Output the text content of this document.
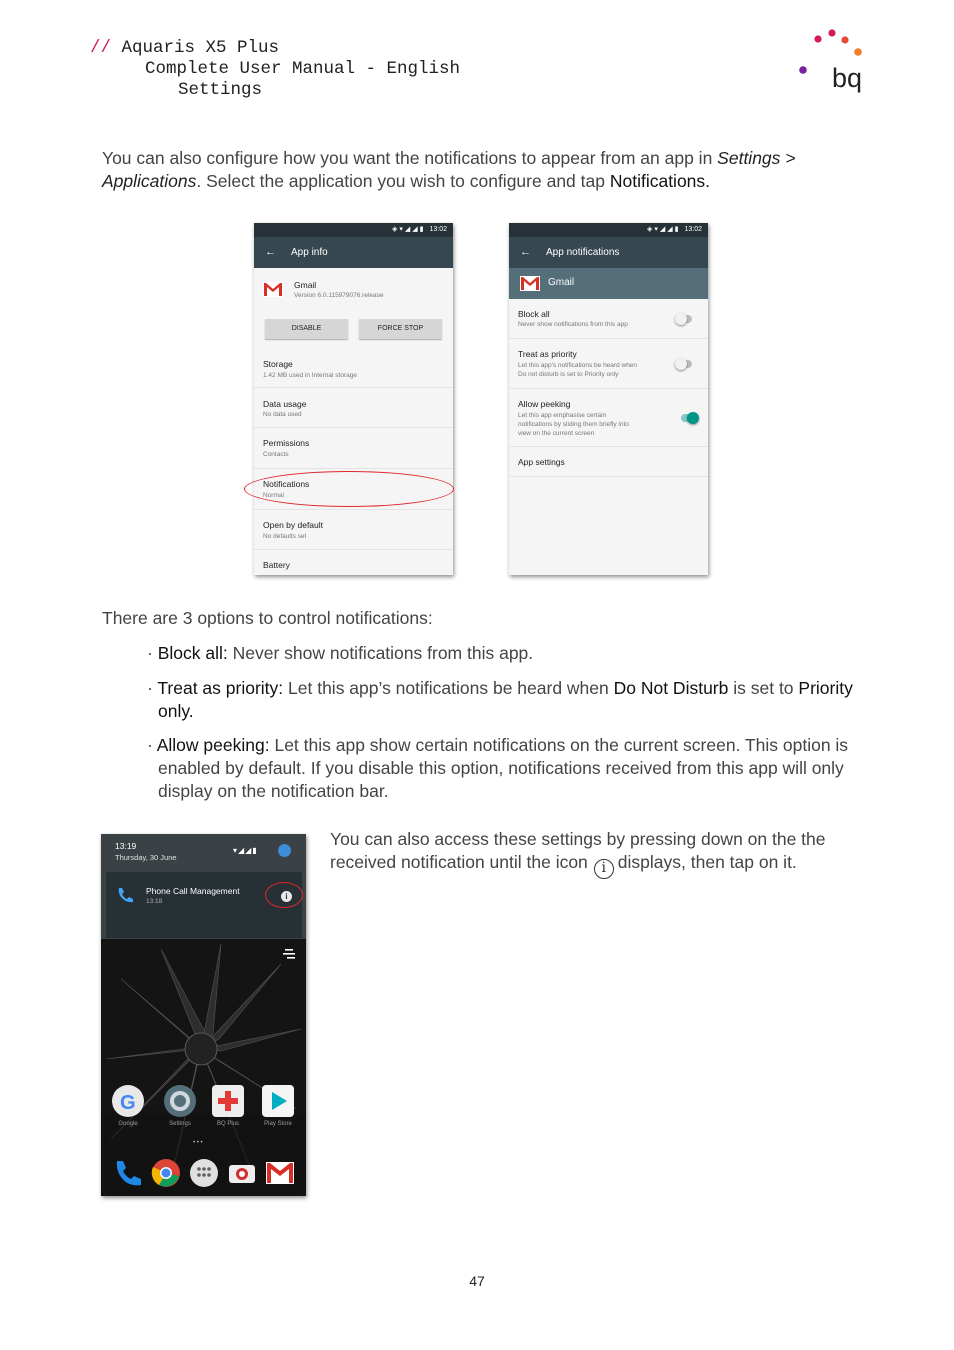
// Aquaris X5 Plus
Complete User Manual - English
Settings	bq
You can also configure how you want the notifications to appear from an app in Settings > Applications. Select the application you wish to configure and tap Notifications.
◈▾◢◢▮ 13:02
← App info
Gmail
Version 6.0.115979076.release
DISABLE	FORCE STOP
Storage
1.42 MB used in Internal storage
Data usage
No data used
Permissions
Contacts
Notifications
Normal
Open by default
No defaults set
Battery
◈▾◢◢▮ 13:02
← App notifications
Gmail
Block all
Never show notifications from this app
Treat as priority
Let this app's notifications be heard when
Do not disturb is set to Priority only
Allow peeking
Let this app emphasise certain
notifications by sliding them briefly into
view on the current screen
App settings
There are 3 options to control notifications:
· Block all: Never show notifications from this app.
· Treat as priority: Let this app’s notifications be heard when Do Not Disturb is set to Priority only.
· Allow peeking: Let this app show certain notifications on the current screen. This option is enabled by default. If you disable this option, notifications received from this app will only display on the notification bar.
13:19
Thursday, 30 June
▾◢◢▮
Phone Call Management
13:18
i
G
Google	Settings	BQ Plus	Play Store
• • •
You can also access these settings by pressing down on the the received notification until the icon i displays, then tap on it.
47
